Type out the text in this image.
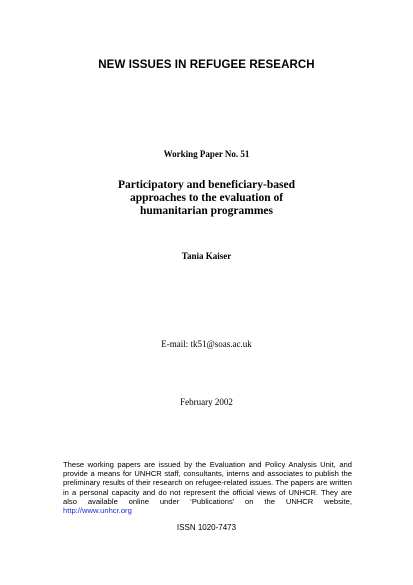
NEW ISSUES IN REFUGEE RESEARCH
Working Paper No. 51
Participatory and beneficiary-based
approaches to the evaluation of
humanitarian programmes
Tania Kaiser
E-mail: tk51@soas.ac.uk
February 2002

These working papers are issued by the Evaluation and Policy Analysis Unit, and provide a means for UNHCR staff, consultants, interns and associates to publish the preliminary results of their research on refugee-related issues. The papers are written in a personal capacity and do not represent the official views of UNHCR. They are also available online under ‘Publications’ on the UNHCR website, http://www.unhcr.org

ISSN 1020-7473
